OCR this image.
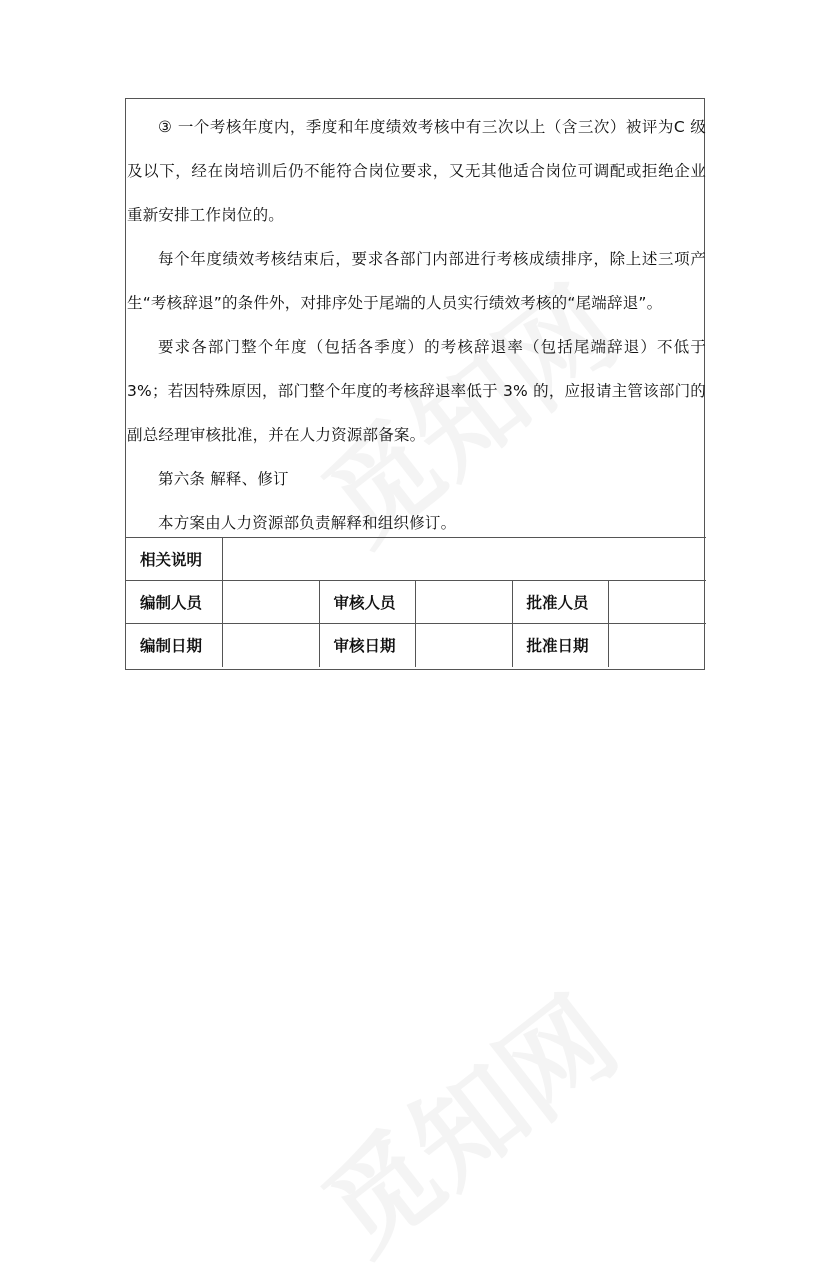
③ 一个考核年度内，季度和年度绩效考核中有三次以上（含三次）被评为C 级及以下，经在岗培训后仍不能符合岗位要求，又无其他适合岗位可调配或拒绝企业重新安排工作岗位的。

每个年度绩效考核结束后，要求各部门内部进行考核成绩排序，除上述三项产生“考核辞退”的条件外，对排序处于尾端的人员实行绩效考核的“尾端辞退”。

要求各部门整个年度（包括各季度）的考核辞退率（包括尾端辞退）不低于3%；若因特殊原因，部门整个年度的考核辞退率低于 3% 的，应报请主管该部门的副总经理审核批准，并在人力资源部备案。

第六条 解释、修订

本方案由人力资源部负责解释和组织修订。

相关说明					
编制人员		审核人员		批准人员	
编制日期		审核日期		批准日期	
